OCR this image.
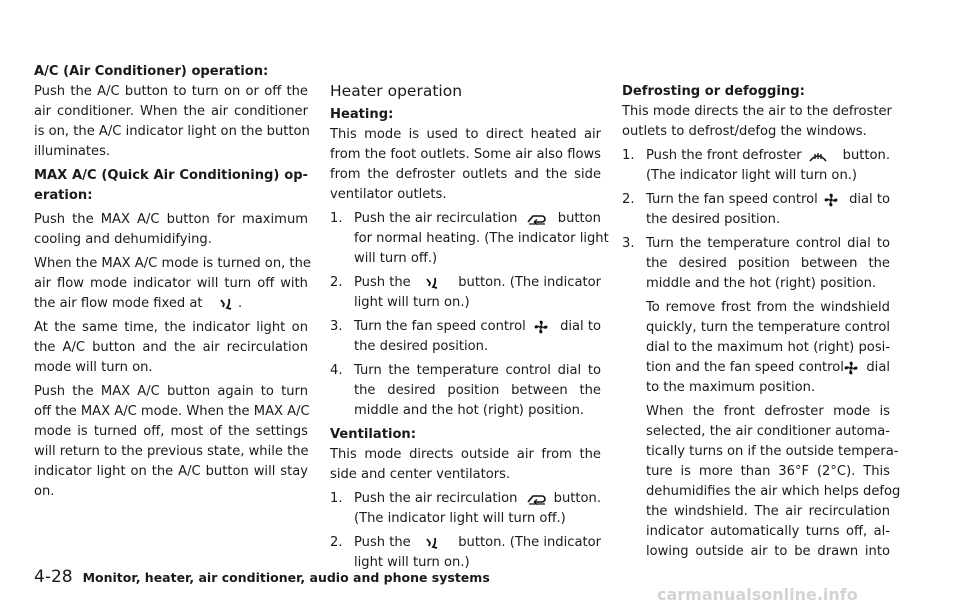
A/C (Air Conditioner) operation:
Push the A/C button to turn on or off the
air conditioner. When the air conditioner
is on, the A/C indicator light on the button
illuminates.
MAX A/C (Quick Air Conditioning) op-
eration:
Push the MAX A/C button for maximum
cooling and dehumidifying.
When the MAX A/C mode is turned on, the
air flow mode indicator will turn off with
the air flow mode fixed at	.
At the same time, the indicator light on
the A/C button and the air recirculation
mode will turn on.
Push the MAX A/C button again to turn
off the MAX A/C mode. When the MAX A/C
mode is turned off, most of the settings
will return to the previous state, while the
indicator light on the A/C button will stay
on.
Heater operation
Heating:
This mode is used to direct heated air
from the foot outlets. Some air also flows
from the defroster outlets and the side
ventilator outlets.
1. Push the air recirculation	button
for normal heating. (The indicator light
will turn off.)
2. Push the	button. (The indicator
light will turn on.)
3. Turn the fan speed control	dial to
the desired position.
4. Turn the temperature control dial to
the desired position between the
middle and the hot (right) position.
Ventilation:
This mode directs outside air from the
side and center ventilators.
1. Push the air recirculation	button.
(The indicator light will turn off.)
2. Push the	button. (The indicator
light will turn on.)
Defrosting or defogging:
This mode directs the air to the defroster
outlets to defrost/defog the windows.
1. Push the front defroster	button.
(The indicator light will turn on.)
2. Turn the fan speed control dial to
the desired position.
3. Turn the temperature control dial to
the desired position between the
middle and the hot (right) position.
To remove frost from the windshield
quickly, turn the temperature control
dial to the maximum hot (right) posi-
tion and the fan speed control dial
to the maximum position.
When the front defroster mode is
selected, the air conditioner automa-
tically turns on if the outside tempera-
ture is more than 36°F (2°C). This
dehumidifies the air which helps defog
the windshield. The air recirculation
indicator automatically turns off, al-
lowing outside air to be drawn into
4-28 Monitor, heater, air conditioner, audio and phone systems
carmanualsonline.info
